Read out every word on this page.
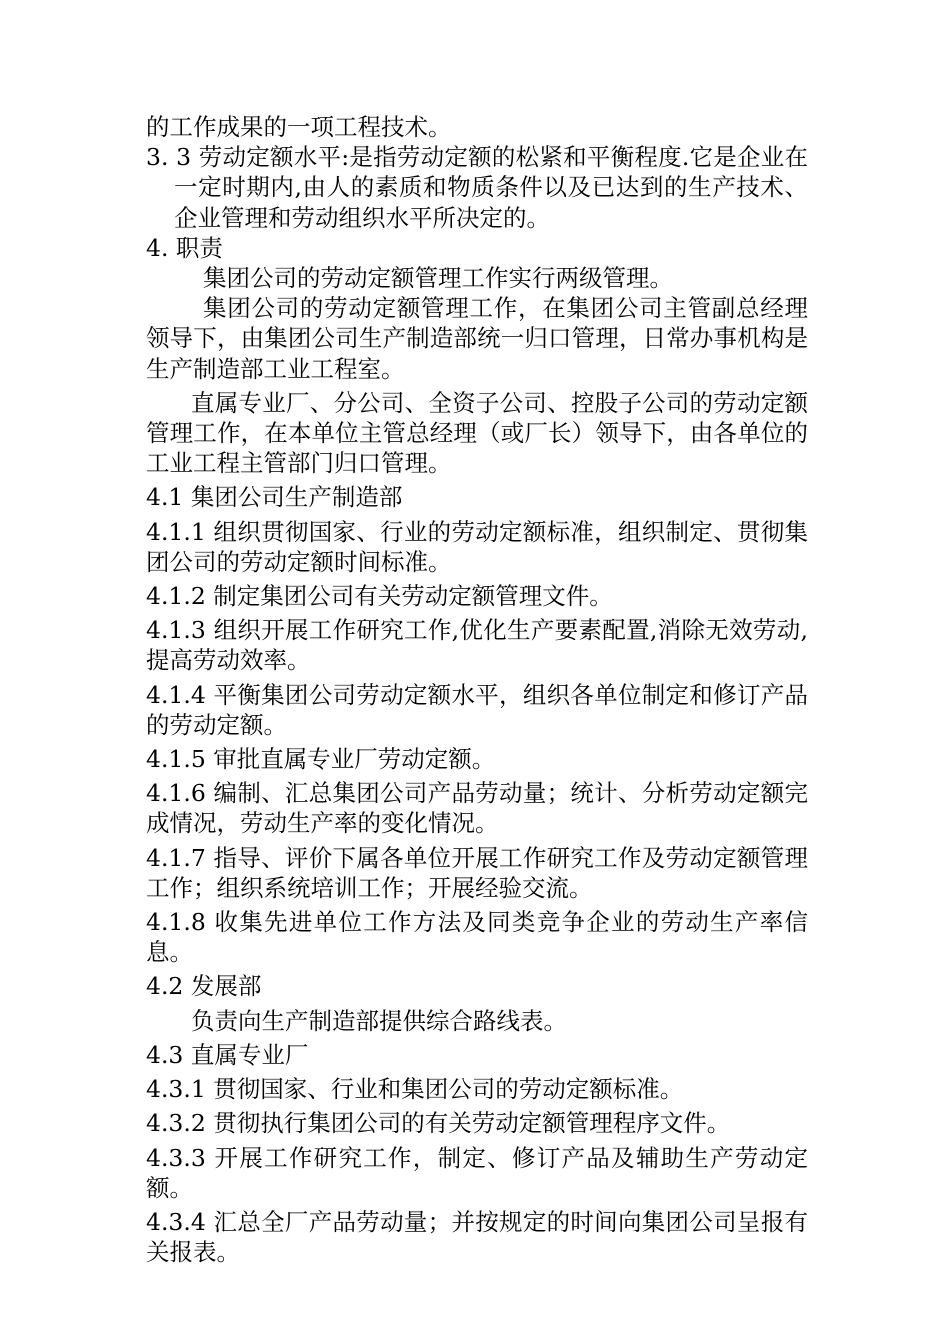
的工作成果的一项工程技术。

3. 3 劳动定额水平:是指劳动定额的松紧和平衡程度.它是企业在一定时期内,由人的素质和物质条件以及已达到的生产技术、企业管理和劳动组织水平所决定的。

4. 职责

集团公司的劳动定额管理工作实行两级管理。

集团公司的劳动定额管理工作，在集团公司主管副总经理领导下，由集团公司生产制造部统一归口管理，日常办事机构是生产制造部工业工程室。

直属专业厂、分公司、全资子公司、控股子公司的劳动定额管理工作，在本单位主管总经理（或厂长）领导下，由各单位的工业工程主管部门归口管理。

4.1 集团公司生产制造部

4.1.1 组织贯彻国家、行业的劳动定额标准，组织制定、贯彻集团公司的劳动定额时间标准。

4.1.2 制定集团公司有关劳动定额管理文件。

4.1.3 组织开展工作研究工作,优化生产要素配置,消除无效劳动,提高劳动效率。

4.1.4 平衡集团公司劳动定额水平，组织各单位制定和修订产品的劳动定额。

4.1.5 审批直属专业厂劳动定额。

4.1.6 编制、汇总集团公司产品劳动量；统计、分析劳动定额完成情况，劳动生产率的变化情况。

4.1.7 指导、评价下属各单位开展工作研究工作及劳动定额管理工作；组织系统培训工作；开展经验交流。

4.1.8 收集先进单位工作方法及同类竞争企业的劳动生产率信息。

4.2 发展部

负责向生产制造部提供综合路线表。

4.3 直属专业厂

4.3.1 贯彻国家、行业和集团公司的劳动定额标准。

4.3.2 贯彻执行集团公司的有关劳动定额管理程序文件。

4.3.3 开展工作研究工作，制定、修订产品及辅助生产劳动定额。

4.3.4 汇总全厂产品劳动量；并按规定的时间向集团公司呈报有关报表。
